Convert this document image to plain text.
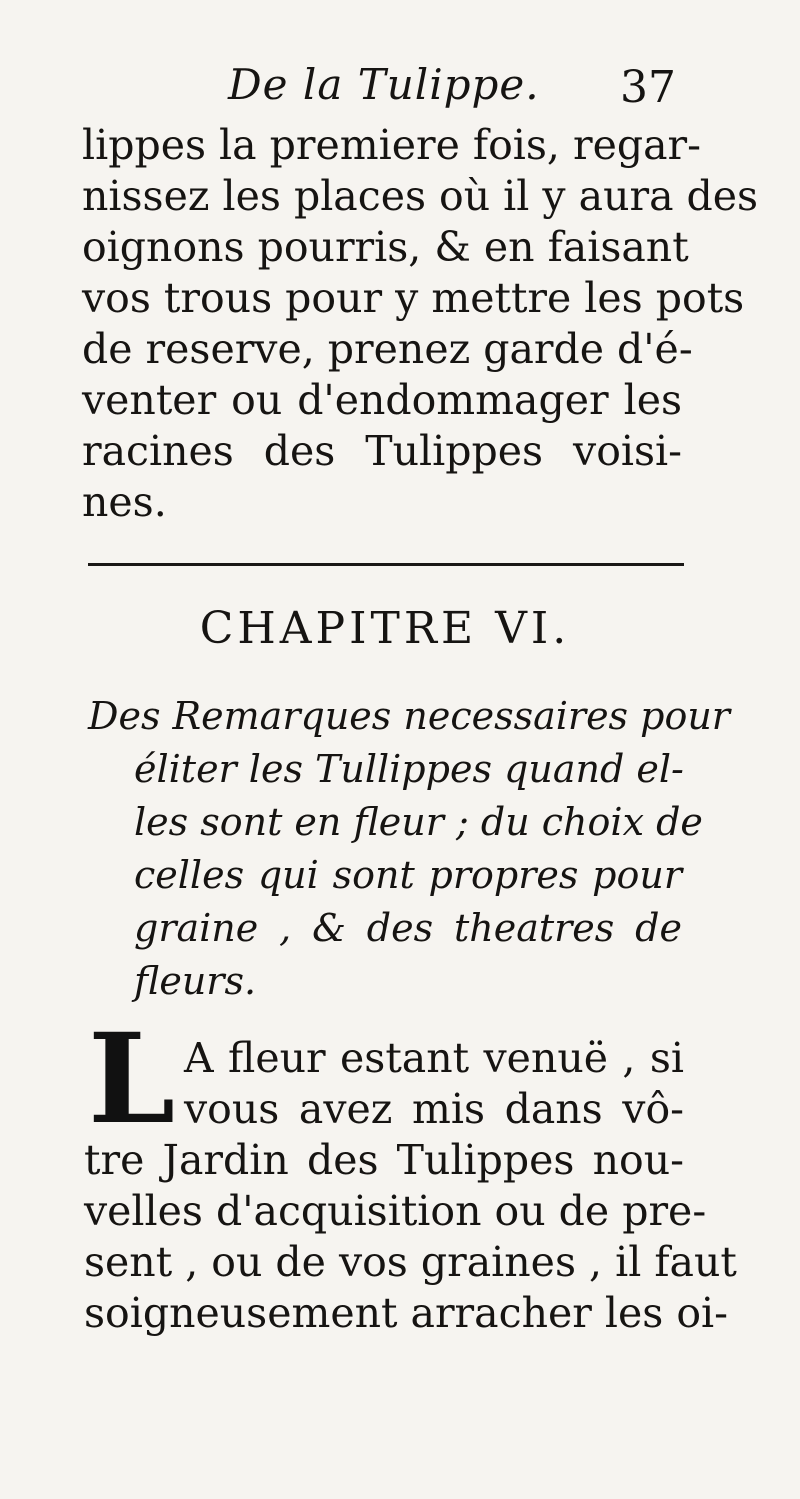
De la Tulippe. 37
lippes la premiere fois, regar-
nissez les places où il y aura des
oignons pourris, & en faisant
vos trous pour y mettre les pots
de reserve, prenez garde d'é-
venter ou d'endommager les
racines des Tulippes voisi-
nes.
CHAPITRE VI.
Des Remarques necessaires pour
éliter les Tullippes quand el-
les sont en fleur ; du choix de
celles qui sont propres pour
graine , & des theatres de
fleurs.
L A fleur estant venuë , si
vous avez mis dans vô-
tre Jardin des Tulippes nou-
velles d'acquisition ou de pre-
sent , ou de vos graines , il faut
soigneusement arracher les oi-
